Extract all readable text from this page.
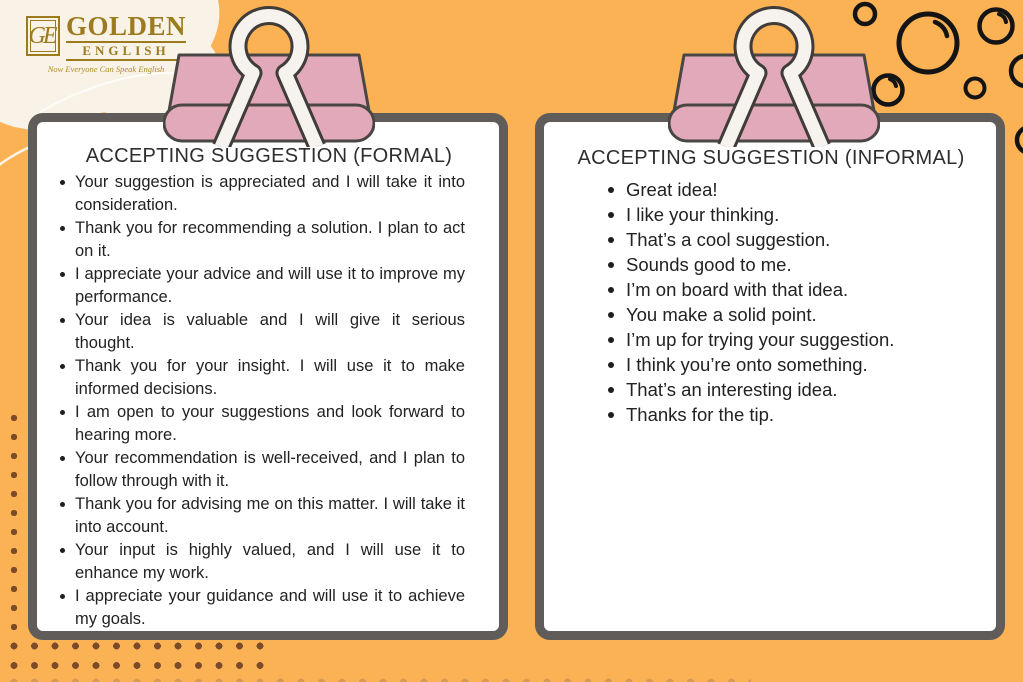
GE GOLDEN
ENGLISH
Now Everyone Can Speak English
ACCEPTING SUGGESTION (FORMAL)
Your suggestion is appreciated and I will take it into consideration.
Thank you for recommending a solution. I plan to act on it.
I appreciate your advice and will use it to improve my performance.
Your idea is valuable and I will give it serious thought.
Thank you for your insight. I will use it to make informed decisions.
I am open to your suggestions and look forward to hearing more.
Your recommendation is well-received, and I plan to follow through with it.
Thank you for advising me on this matter. I will take it into account.
Your input is highly valued, and I will use it to enhance my work.
I appreciate your guidance and will use it to achieve my goals.
ACCEPTING SUGGESTION (INFORMAL)
Great idea!
I like your thinking.
That’s a cool suggestion.
Sounds good to me.
I’m on board with that idea.
You make a solid point.
I’m up for trying your suggestion.
I think you’re onto something.
That’s an interesting idea.
Thanks for the tip.
